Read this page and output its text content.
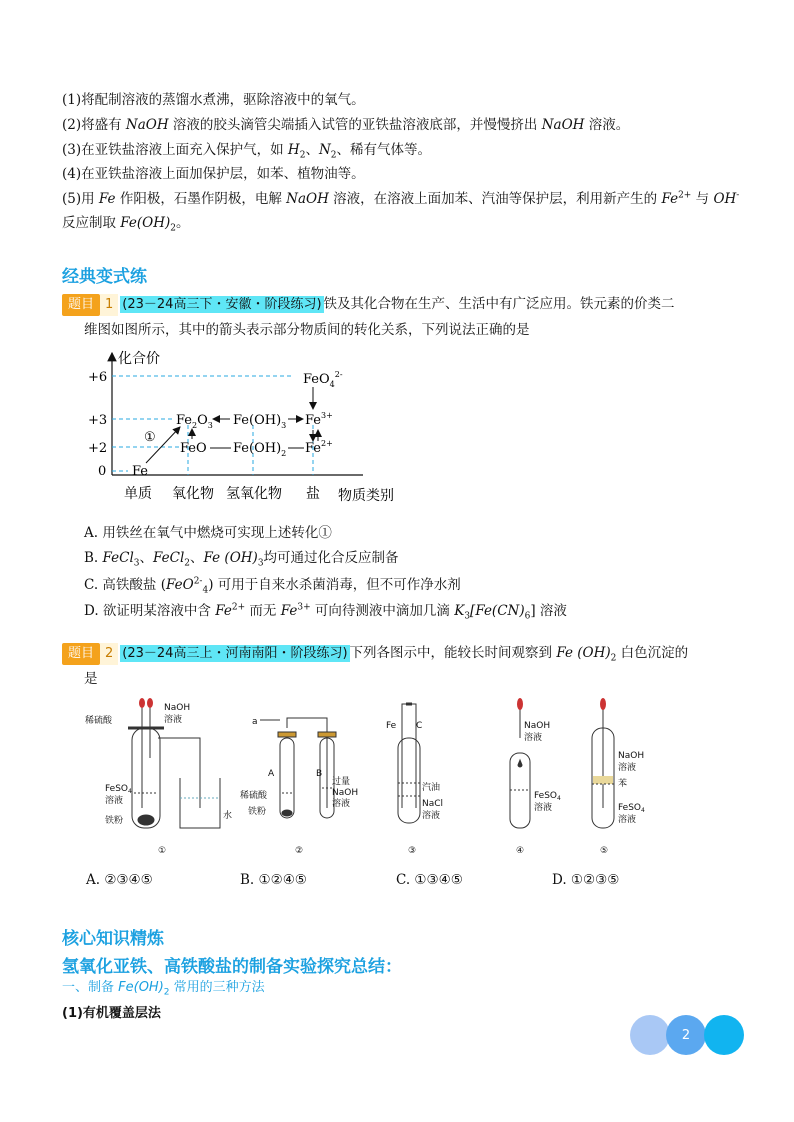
(1)将配制溶液的蒸馏水煮沸，驱除溶液中的氧气。
(2)将盛有 NaOH 溶液的胶头滴管尖端插入试管的亚铁盐溶液底部，并慢慢挤出 NaOH 溶液。
(3)在亚铁盐溶液上面充入保护气，如 $H_2$、$N_2$、稀有气体等。
(4)在亚铁盐溶液上面加保护层，如苯、植物油等。
(5)用 Fe 作阳极，石墨作阴极，电解 NaOH 溶液，在溶液上面加苯、汽油等保护层，利用新产生的 $Fe^{2+}$ 与 OH-
反应制取 $Fe(OH)_2$。
经典变式练
题目 1 (23－24高三下・安徽・阶段练习) 铁及其化合物在生产、生活中有广泛应用。铁元素的价类二
维图如图所示，其中的箭头表示部分物质间的转化关系，下列说法正确的是
化合价
+6
+3
+2
0
FeO$_4^{2-}$
$Fe_2O_3$ $Fe(OH)_3$ $Fe^{3+}$
FeO $Fe(OH)_2$ $Fe^{2+}$
Fe
①
单质 氧化物 氢氧化物 盐 物质类别
A. 用铁丝在氧气中燃烧可实现上述转化①
B. FeCl$_3$、FeCl$_2$、Fe $(OH)_3$均可通过化合反应制备
C. 高铁酸盐 (FeO$^{2-}_4$) 可用于自来水杀菌消毒，但不可作净水剂
D. 欲证明某溶液中含 $Fe^{2+}$ 而无 $Fe^{3+}$ 可向待测液中滴加几滴 $K_3[Fe(CN)_6]$ 溶液
题目 2 (23－24高三上・河南南阳・阶段练习) 下列各图示中，能较长时间观察到 Fe $(OH)_2$ 白色沉淀的
是
稀硫酸
NaOH
溶液
FeSO$_4$
溶液
铁粉	水
a
A	B
稀硫酸
铁粉
过量
NaOH
溶液
Fe C
汽油
NaCl
溶液
NaOH
溶液
FeSO$_4$
溶液
NaOH
溶液
苯
FeSO$_4$
溶液
①	②	③	④	⑤
A. ②③④⑤	B. ①②④⑤	C. ①③④⑤	D. ①②③⑤
核心知识精炼
氢氧化亚铁、高铁酸盐的制备实验探究总结：
一、制备 $Fe(OH)_2$ 常用的三种方法
(1)有机覆盖层法
2
